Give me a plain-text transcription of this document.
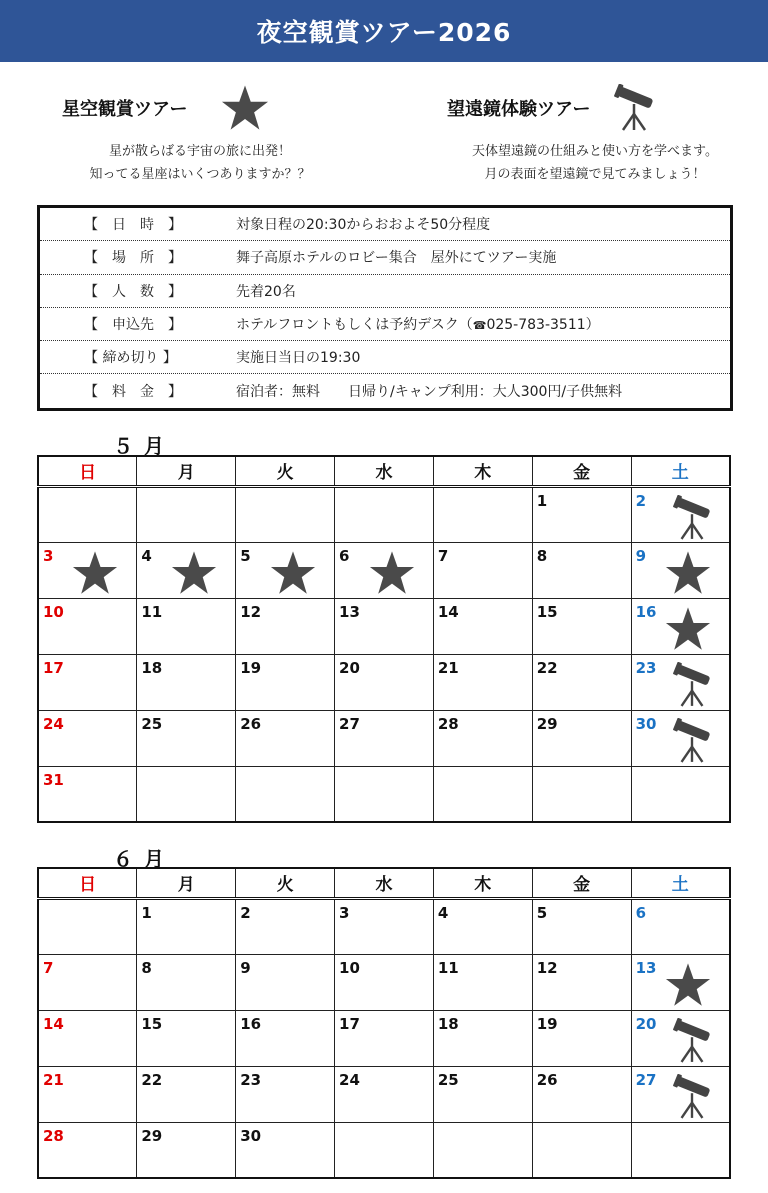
夜空観賞ツアー2026
星空観賞ツアー
星が散らばる宇宙の旅に出発！
知ってる星座はいくつありますか？？
望遠鏡体験ツアー
天体望遠鏡の仕組みと使い方を学べます。
月の表面を望遠鏡で見てみましょう！
【　日　時　】	対象日程の20:30からおおよそ50分程度
【　場　所　】	舞子高原ホテルのロビー集合　屋外にてツアー実施
【　人　数　】	先着20名
【　申込先　】	ホテルフロントもしくは予約デスク（☎025-783-3511）
【 締め切り 】	実施日当日の19:30
【　料　金　】	宿泊者：無料　　日帰り/キャンプ利用：大人300円/子供無料
５ 月
日	月	火	水	木	金	土
					1	2

3	4	5	6	7	8	9

10	11	12	13	14	15	16

17	18	19	20	21	22	23

24	25	26	27	28	29	30

31						
６ 月
日	月	火	水	木	金	土
	1	2	3	4	5	6
7	8	9	10	11	12	13

14	15	16	17	18	19	20

21	22	23	24	25	26	27

28	29	30				
